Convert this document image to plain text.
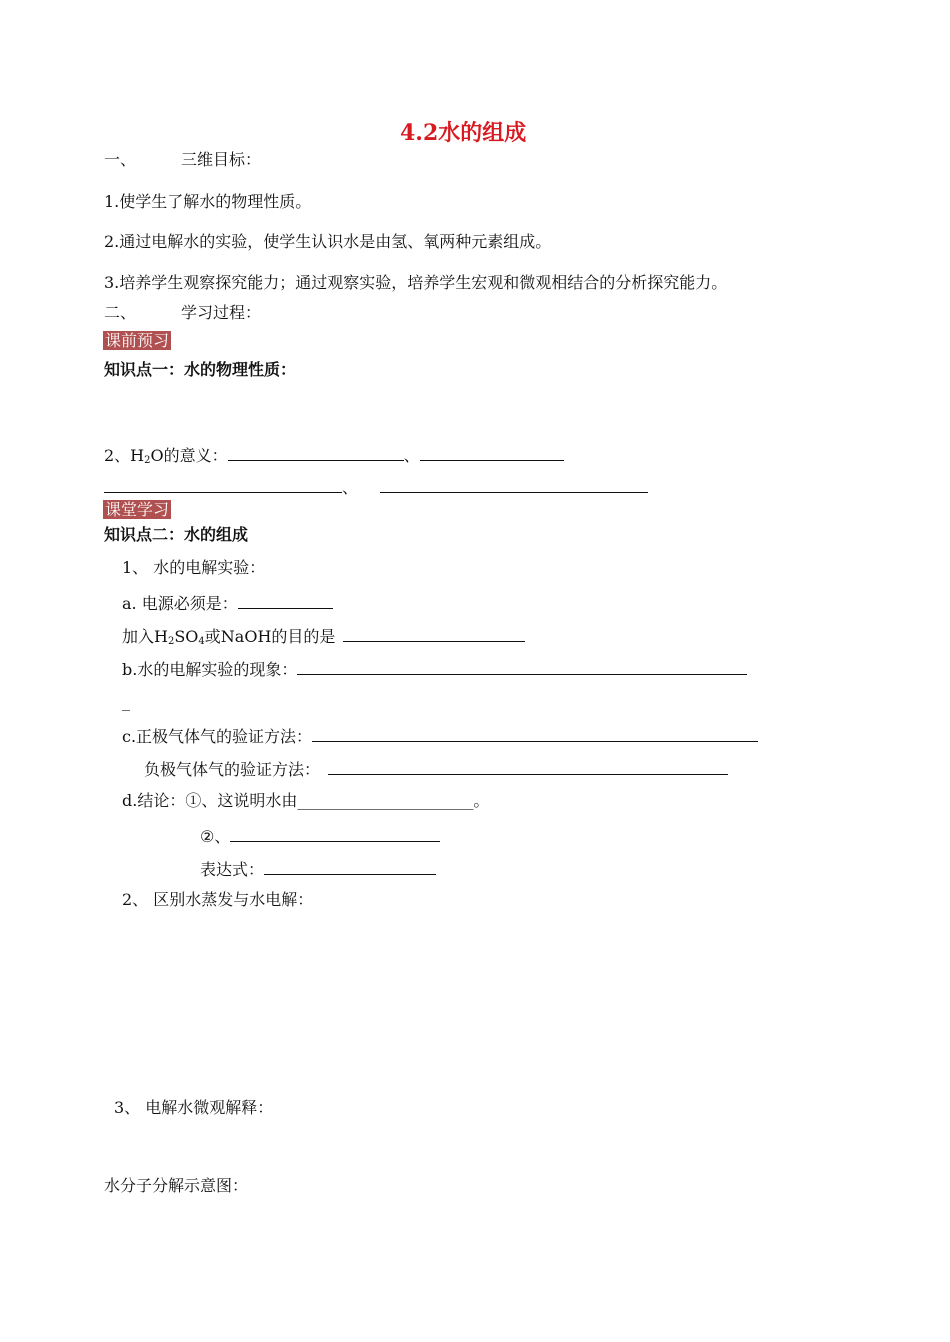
4.2水的组成
一、	三维目标：
1.使学生了解水的物理性质。
2.通过电解水的实验，使学生认识水是由氢、氧两种元素组成。
3.培养学生观察探究能力；通过观察实验，培养学生宏观和微观相结合的分析探究能力。
二、	学习过程：
课前预习
知识点一：水的物理性质：
2、$H_2O$的意义：	、
、
课堂学习
知识点二：水的组成
1、 水的电解实验：
a. 电源必须是：
加入$H_2SO_4$或NaOH的目的是
b.水的电解实验的现象：
_
c.正极气体气的验证方法：
负极气体气的验证方法：
d.结论：①、这说明水由______________________。
②、
表达式：
2、 区别水蒸发与水电解：
3、 电解水微观解释：
水分子分解示意图：
